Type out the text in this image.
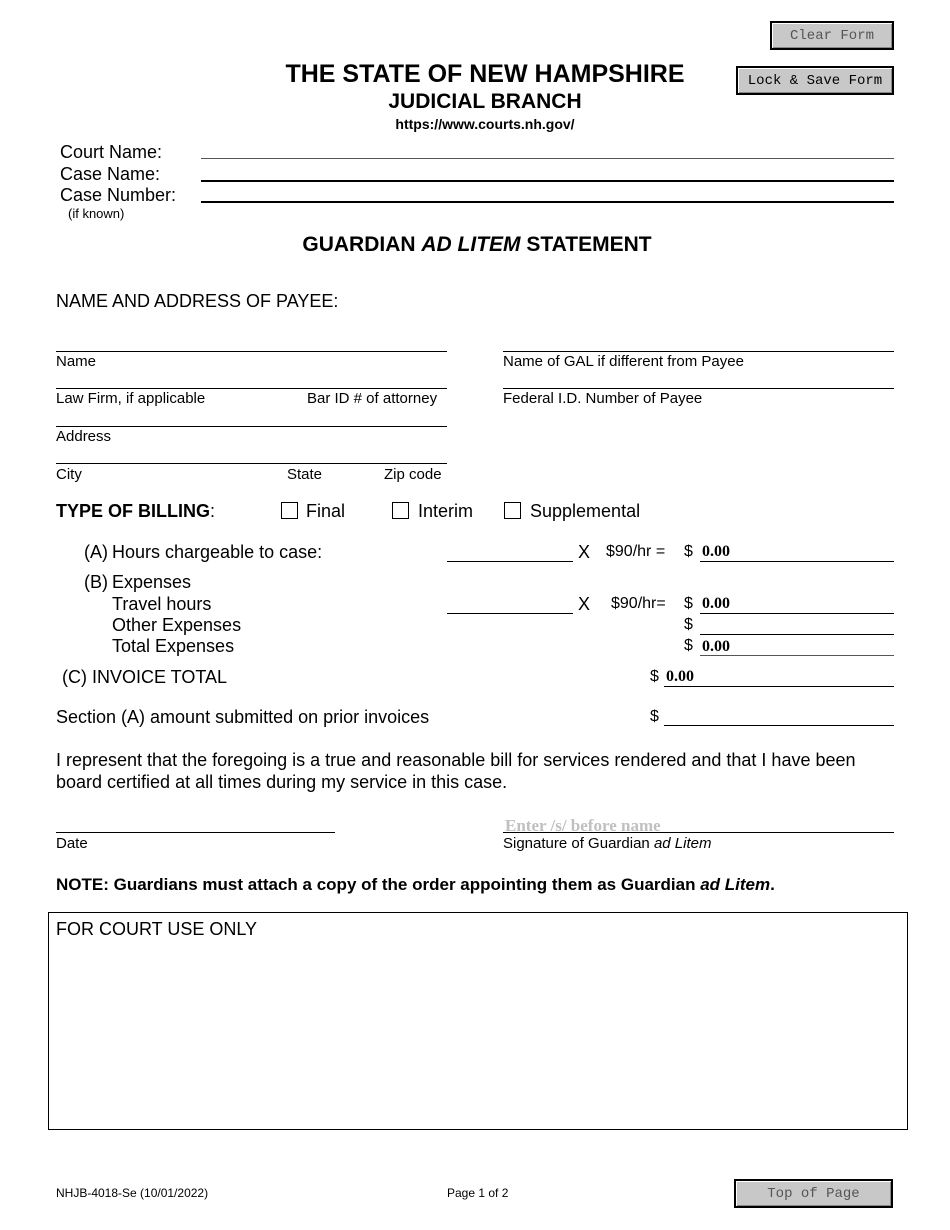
Clear Form
Lock & Save Form
THE STATE OF NEW HAMPSHIRE
JUDICIAL BRANCH
https://www.courts.nh.gov/
Court Name:
Case Name:
Case Number:
(if known)
GUARDIAN AD LITEM STATEMENT
NAME AND ADDRESS OF PAYEE:
Name	Name of GAL if different from Payee
Law Firm, if applicable	Bar ID # of attorney	Federal I.D. Number of Payee
Address
City	State	Zip code
TYPE OF BILLING:	Final	Interim	Supplemental
(A) Hours chargeable to case:	X $90/hr = $ 0.00
(B) Expenses
Travel hours	X $90/hr= $ 0.00
Other Expenses	$
Total Expenses	$ 0.00
(C) INVOICE TOTAL	$ 0.00
Section (A) amount submitted on prior invoices	$
I represent that the foregoing is a true and reasonable bill for services rendered and that I have been board certified at all times during my service in this case.
Date
Enter /s/ before name
Signature of Guardian ad Litem
NOTE: Guardians must attach a copy of the order appointing them as Guardian ad Litem.
FOR COURT USE ONLY
NHJB-4018-Se (10/01/2022)	Page 1 of 2	Top of Page
